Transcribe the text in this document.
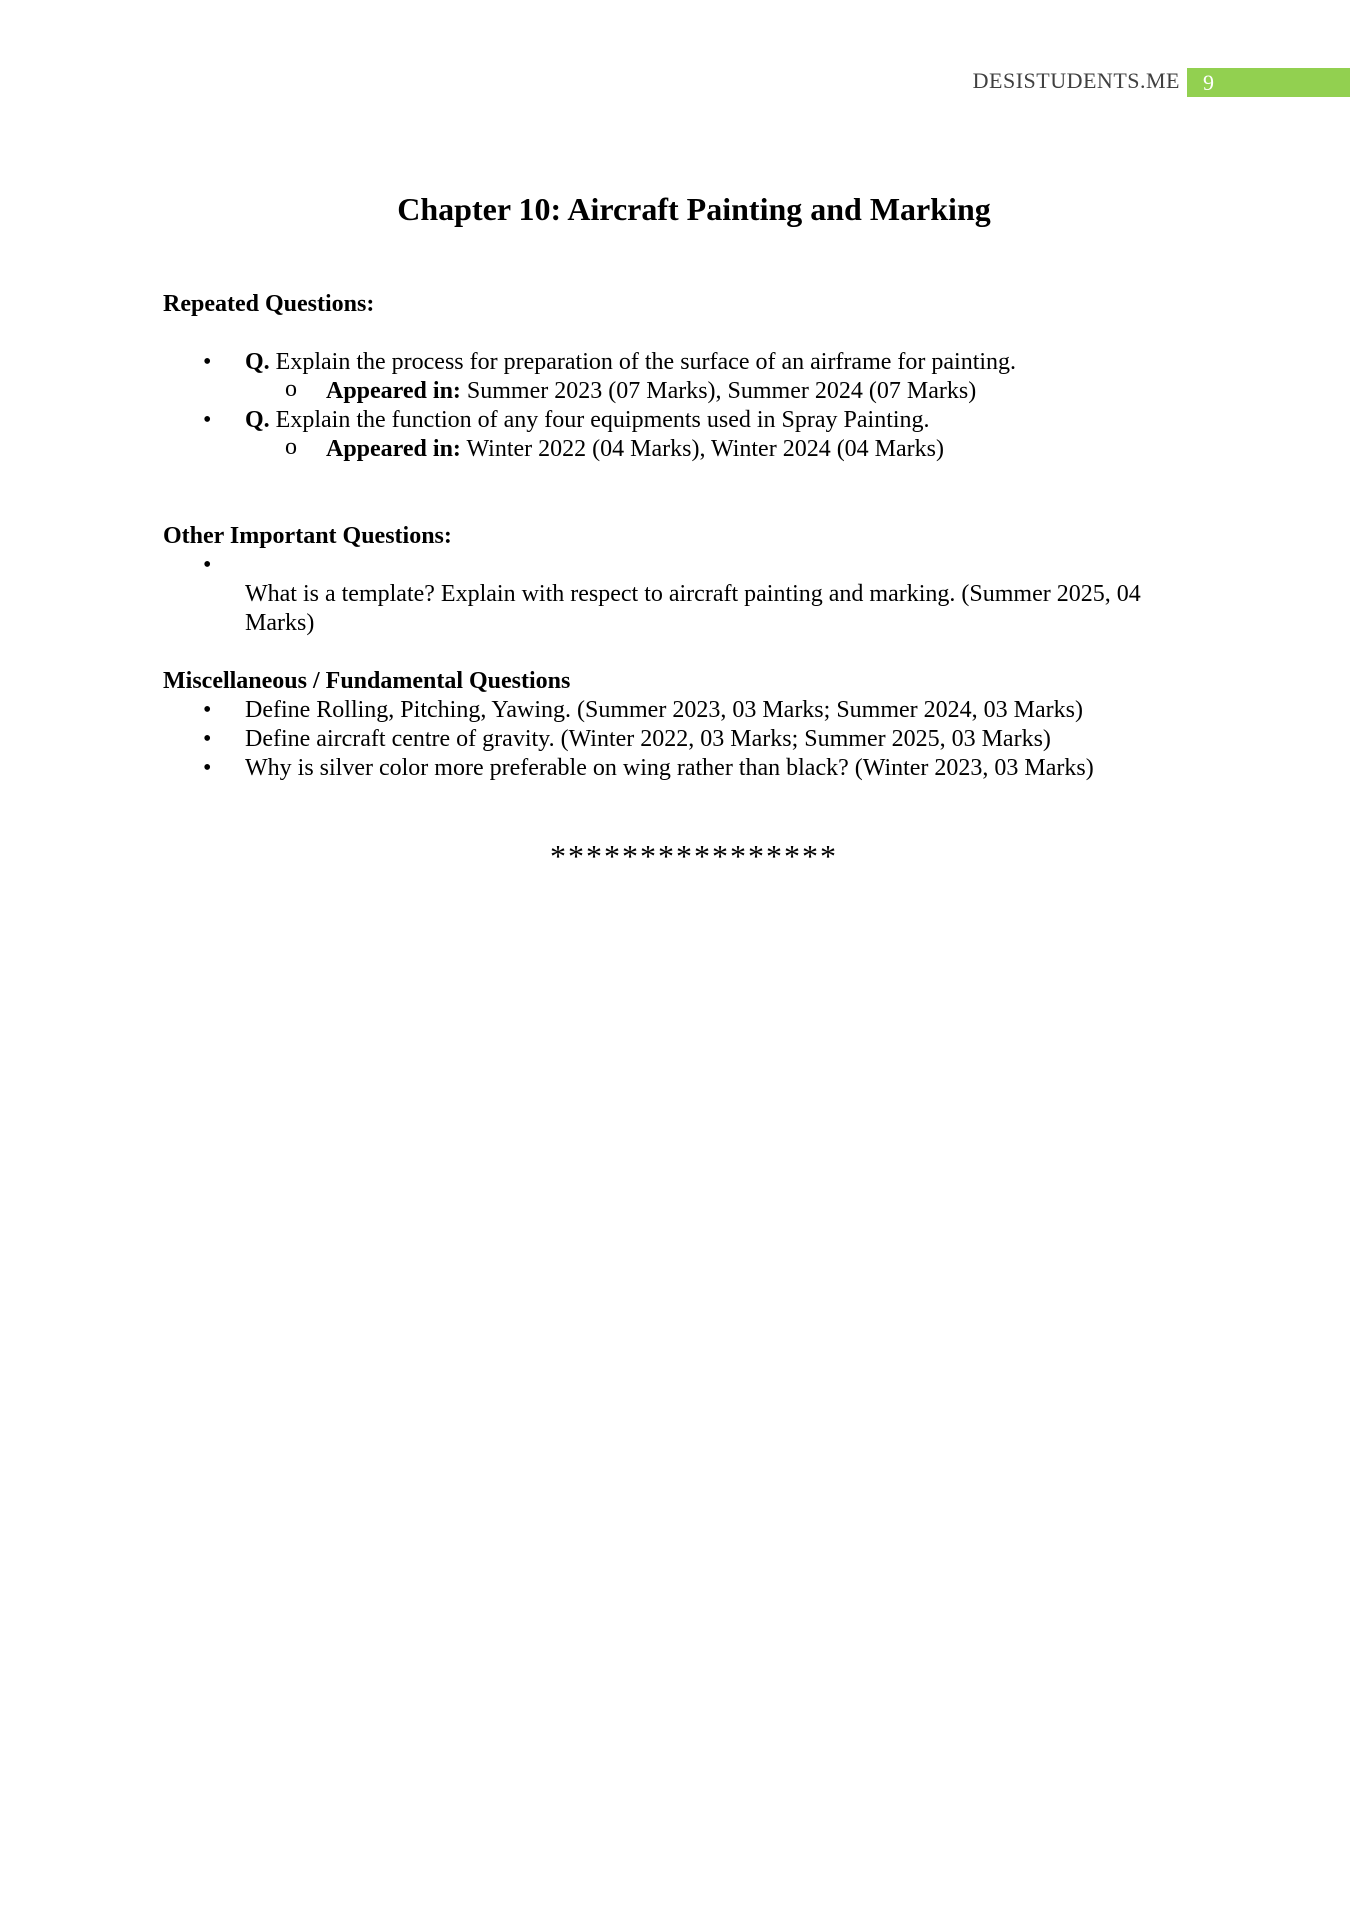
DESISTUDENTS.ME	9
Chapter 10: Aircraft Painting and Marking
Repeated Questions:
• Q. Explain the process for preparation of the surface of an airframe for painting.
o Appeared in: Summer 2023 (07 Marks), Summer 2024 (07 Marks)
• Q. Explain the function of any four equipments used in Spray Painting.
o Appeared in: Winter 2022 (04 Marks), Winter 2024 (04 Marks)
Other Important Questions:
•
What is a template? Explain with respect to aircraft painting and marking. (Summer 2025, 04 Marks)
Miscellaneous / Fundamental Questions
• Define Rolling, Pitching, Yawing. (Summer 2023, 03 Marks; Summer 2024, 03 Marks)
• Define aircraft centre of gravity. (Winter 2022, 03 Marks; Summer 2025, 03 Marks)
• Why is silver color more preferable on wing rather than black? (Winter 2023, 03 Marks)
****************
